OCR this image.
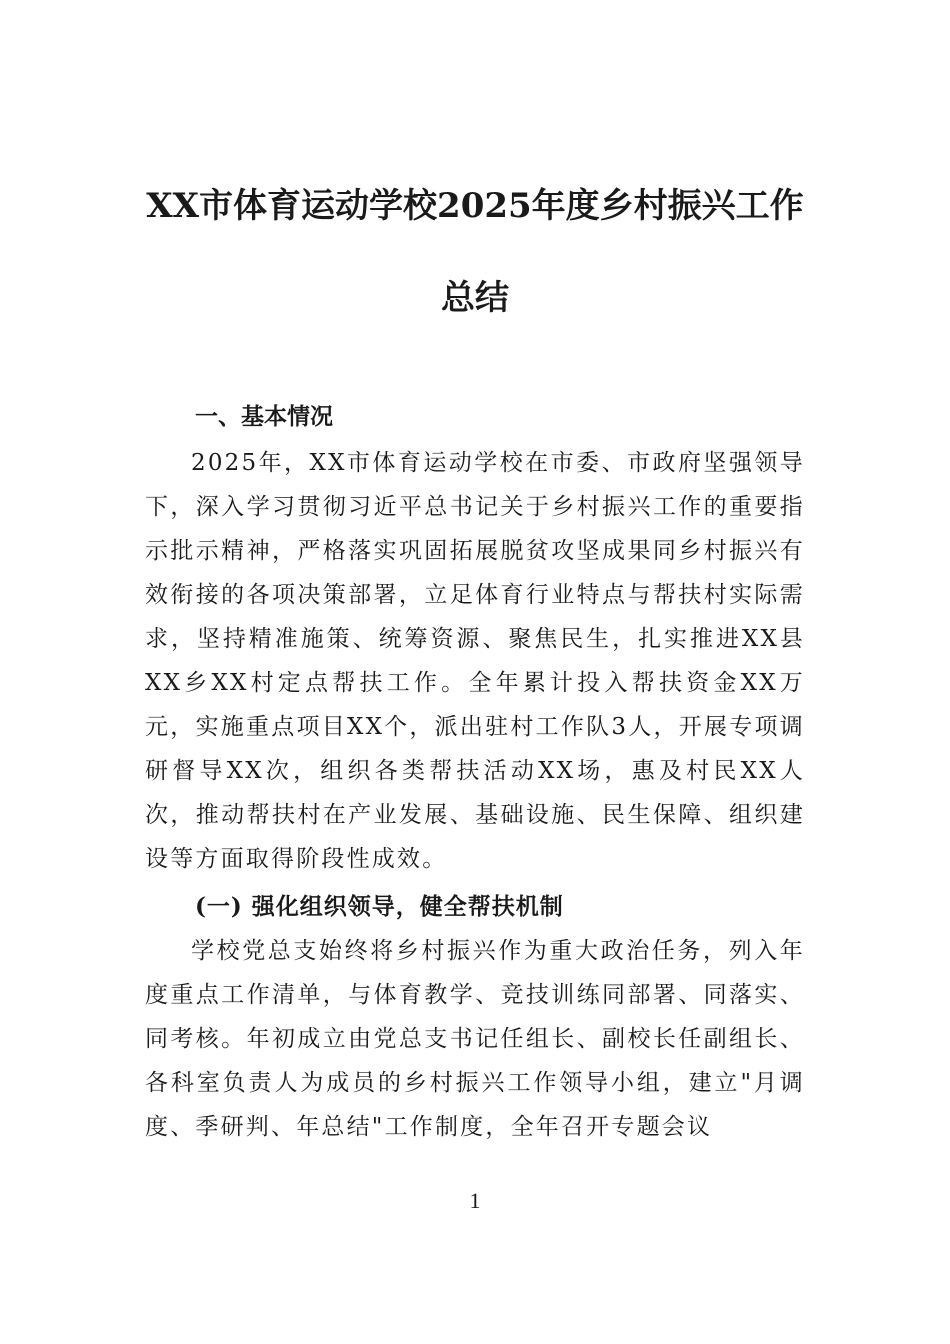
XX市体育运动学校2025年度乡村振兴工作总结
一、基本情况

2025年，XX市体育运动学校在市委、市政府坚强领导下，深入学习贯彻习近平总书记关于乡村振兴工作的重要指示批示精神，严格落实巩固拓展脱贫攻坚成果同乡村振兴有效衔接的各项决策部署，立足体育行业特点与帮扶村实际需求，坚持精准施策、统筹资源、聚焦民生，扎实推进XX县XX乡XX村定点帮扶工作。全年累计投入帮扶资金XX万元，实施重点项目XX个，派出驻村工作队3人，开展专项调研督导XX次，组织各类帮扶活动XX场，惠及村民XX人次，推动帮扶村在产业发展、基础设施、民生保障、组织建设等方面取得阶段性成效。

(一) 强化组织领导，健全帮扶机制

学校党总支始终将乡村振兴作为重大政治任务，列入年度重点工作清单，与体育教学、竞技训练同部署、同落实、同考核。年初成立由党总支书记任组长、副校长任副组长、各科室负责人为成员的乡村振兴工作领导小组，建立"月调度、季研判、年总结"工作制度，全年召开专题会议

1
